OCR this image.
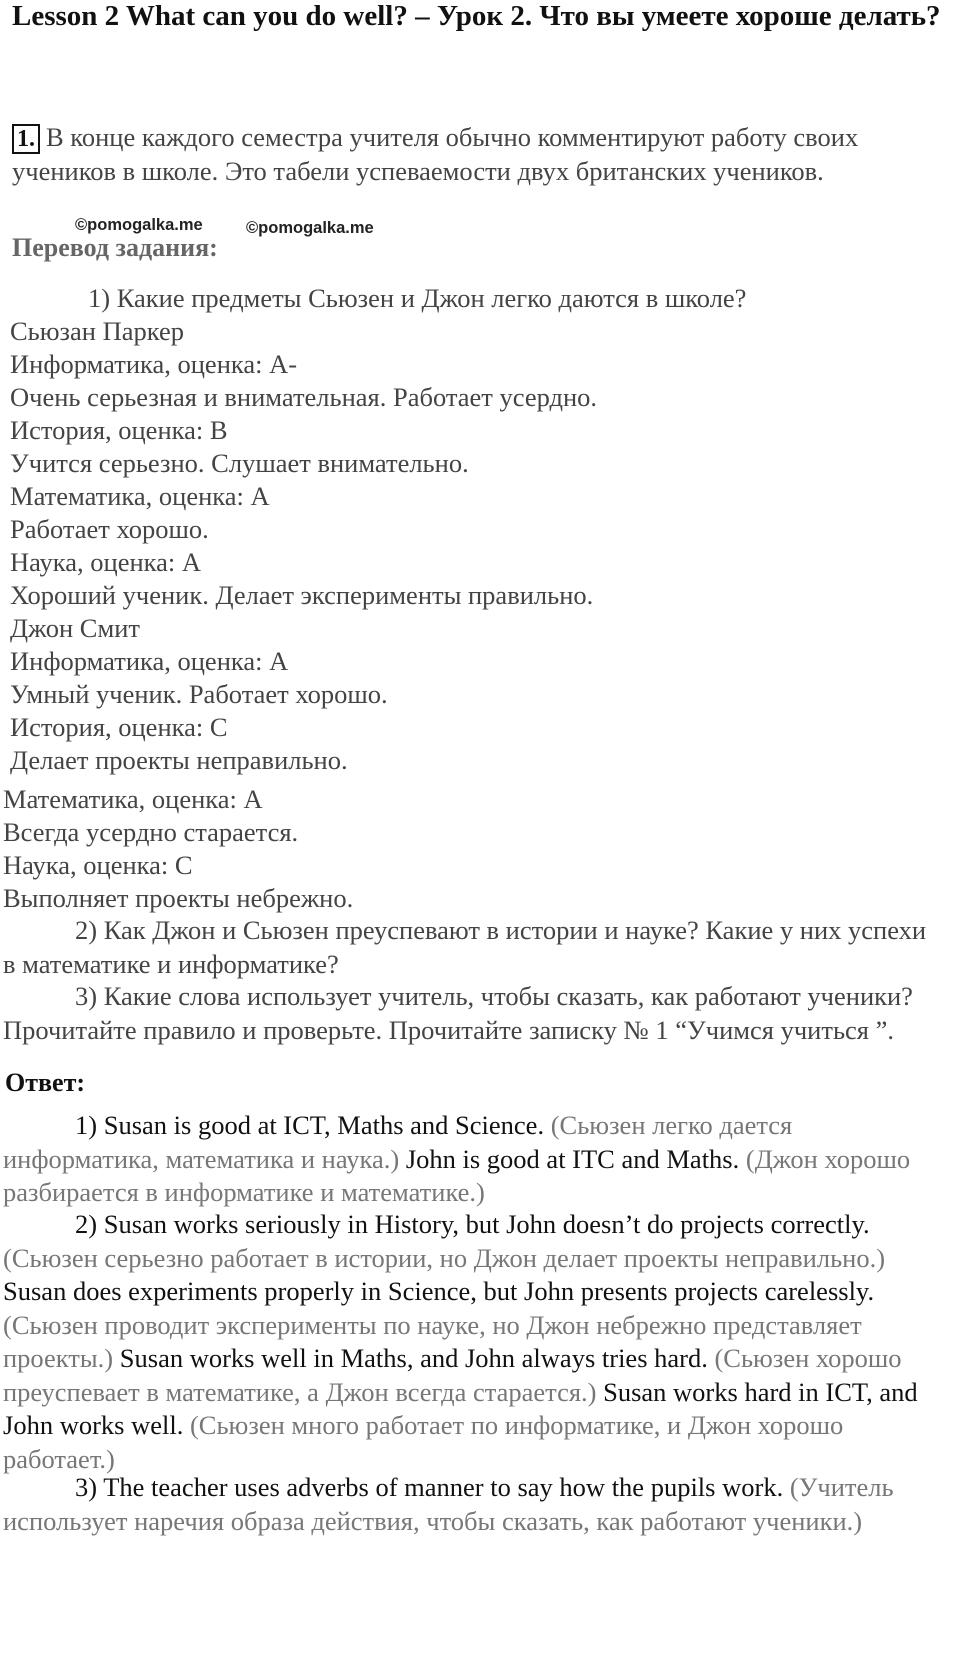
Lesson 2 What can you do well? – Урок 2. Что вы умеете хороше делать?
1. В конце каждого семестра учителя обычно комментируют работу своих учеников в школе. Это табели успеваемости двух британских учеников.
©pomogalka.me	©pomogalka.me
Перевод задания:
1) Какие предметы Сьюзен и Джон легко даются в школе?
Сьюзан Паркер
Информатика, оценка: А-
Очень серьезная и внимательная. Работает усердно.
История, оценка: В
Учится серьезно. Слушает внимательно.
Математика, оценка: А
Работает хорошо.
Наука, оценка: А
Хороший ученик. Делает эксперименты правильно.
Джон Смит
Информатика, оценка: А
Умный ученик. Работает хорошо.
История, оценка: С
Делает проекты неправильно.
Математика, оценка: А
Всегда усердно старается.
Наука, оценка: С
Выполняет проекты небрежно.
2) Как Джон и Сьюзен преуспевают в истории и науке? Какие у них успехи в математике и информатике?
3) Какие слова использует учитель, чтобы сказать, как работают ученики? Прочитайте правило и проверьте. Прочитайте записку № 1 “Учимся учиться ”.
Ответ:
1) Susan is good at ICT, Maths and Science. (Сьюзен легко дается информатика, математика и наука.) John is good at ITC and Maths. (Джон хорошо разбирается в информатике и математике.)
2) Susan works seriously in History, but John doesn’t do projects correctly. (Сьюзен серьезно работает в истории, но Джон делает проекты неправильно.) Susan does experiments properly in Science, but John presents projects carelessly. (Сьюзен проводит эксперименты по науке, но Джон небрежно представляет проекты.) Susan works well in Maths, and John always tries hard. (Сьюзен хорошо преуспевает в математике, а Джон всегда старается.) Susan works hard in ICT, and John works well. (Сьюзен много работает по информатике, и Джон хорошо работает.)
3) The teacher uses adverbs of manner to say how the pupils work. (Учитель использует наречия образа действия, чтобы сказать, как работают ученики.)
